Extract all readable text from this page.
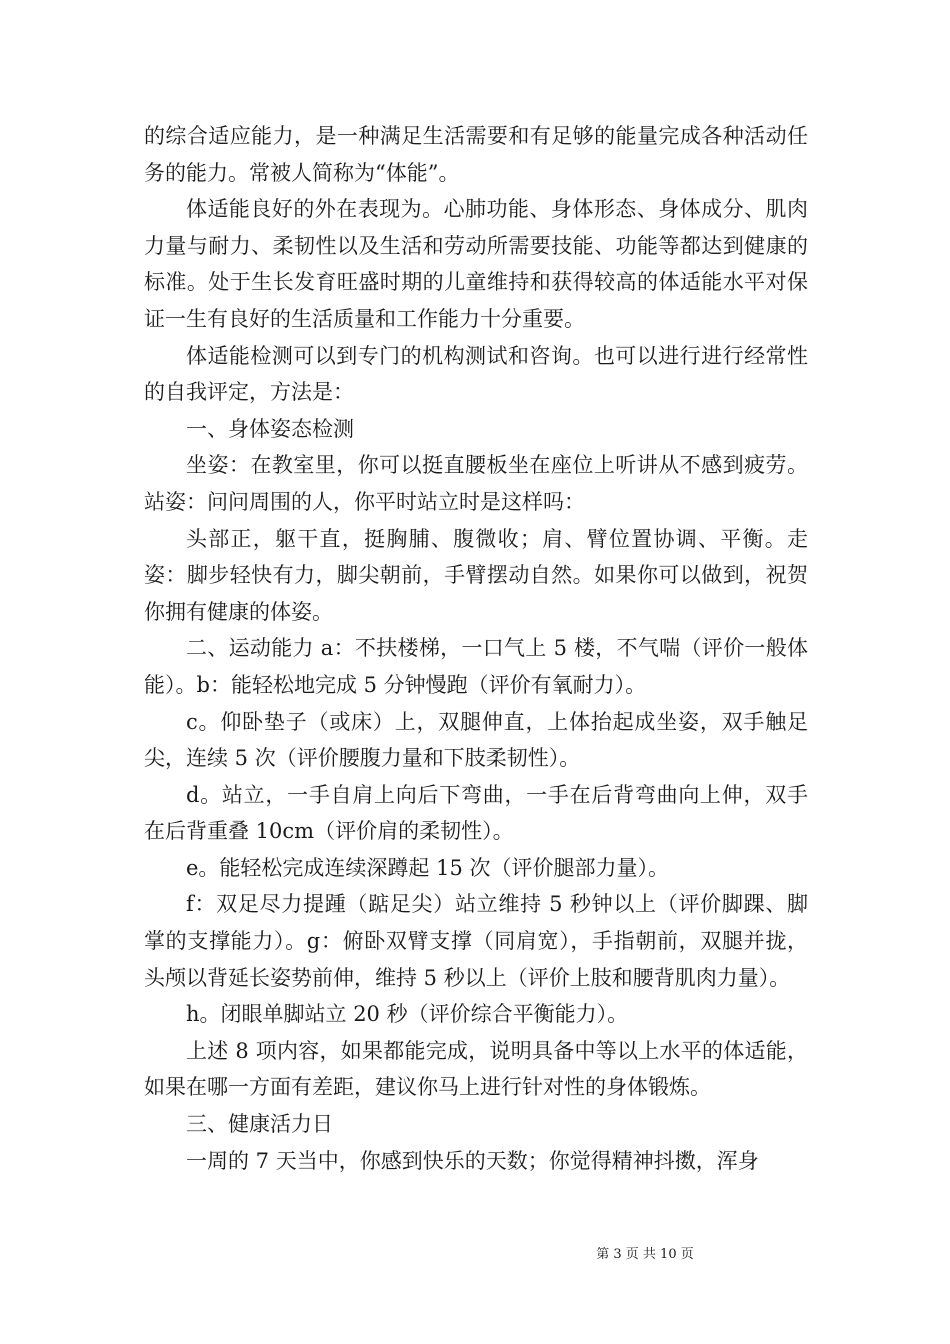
的综合适应能力，是一种满足生活需要和有足够的能量完成各种活动任务的能力。常被人简称为“体能”。

体适能良好的外在表现为。心肺功能、身体形态、身体成分、肌肉力量与耐力、柔韧性以及生活和劳动所需要技能、功能等都达到健康的标准。处于生长发育旺盛时期的儿童维持和获得较高的体适能水平对保证一生有良好的生活质量和工作能力十分重要。

体适能检测可以到专门的机构测试和咨询。也可以进行进行经常性的自我评定，方法是：

一、身体姿态检测

坐姿：在教室里，你可以挺直腰板坐在座位上听讲从不感到疲劳。站姿：问问周围的人，你平时站立时是这样吗：

头部正，躯干直，挺胸脯、腹微收；肩、臂位置协调、平衡。走姿：脚步轻快有力，脚尖朝前，手臂摆动自然。如果你可以做到，祝贺你拥有健康的体姿。

二、运动能力 a：不扶楼梯，一口气上 5 楼，不气喘（评价一般体能）。b：能轻松地完成 5 分钟慢跑（评价有氧耐力）。

c。仰卧垫子（或床）上，双腿伸直，上体抬起成坐姿，双手触足尖，连续 5 次（评价腰腹力量和下肢柔韧性）。

d。站立，一手自肩上向后下弯曲，一手在后背弯曲向上伸，双手在后背重叠 10cm（评价肩的柔韧性）。

e。能轻松完成连续深蹲起 15 次（评价腿部力量）。

f：双足尽力提踵（踮足尖）站立维持 5 秒钟以上（评价脚踝、脚掌的支撑能力）。g：俯卧双臂支撑（同肩宽），手指朝前，双腿并拢，头颅以背延长姿势前伸，维持 5 秒以上（评价上肢和腰背肌肉力量）。

h。闭眼单脚站立 20 秒（评价综合平衡能力）。

上述 8 项内容，如果都能完成，说明具备中等以上水平的体适能，如果在哪一方面有差距，建议你马上进行针对性的身体锻炼。

三、健康活力日

一周的 7 天当中，你感到快乐的天数；你觉得精神抖擞，浑身

第 3 页 共 10 页
